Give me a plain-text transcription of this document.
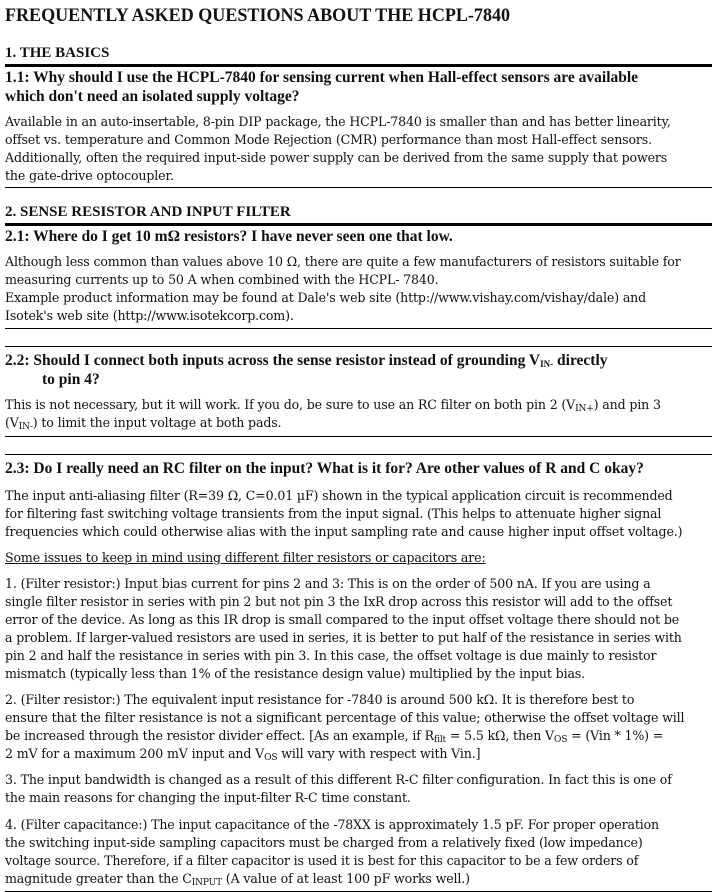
FREQUENTLY ASKED QUESTIONS ABOUT THE HCPL-7840
1. THE BASICS
1.1: Why should I use the HCPL-7840 for sensing current when Hall-effect sensors are available
which don't need an isolated supply voltage?
Available in an auto-insertable, 8-pin DIP package, the HCPL-7840 is smaller than and has better linearity,
offset vs. temperature and Common Mode Rejection (CMR) performance than most Hall-effect sensors.
Additionally, often the required input-side power supply can be derived from the same supply that powers
the gate-drive optocoupler.
2. SENSE RESISTOR AND INPUT FILTER
2.1: Where do I get 10 mΩ resistors? I have never seen one that low.
Although less common than values above 10 Ω, there are quite a few manufacturers of resistors suitable for
measuring currents up to 50 A when combined with the HCPL- 7840.
Example product information may be found at Dale's web site (http://www.vishay.com/vishay/dale) and
Isotek's web site (http://www.isotekcorp.com).
2.2: Should I connect both inputs across the sense resistor instead of grounding $V_{IN-}$ directly
to pin 4?
This is not necessary, but it will work. If you do, be sure to use an RC filter on both pin 2 $(V_{IN+})$ and pin 3
$(V_{IN-})$ to limit the input voltage at both pads.
2.3: Do I really need an RC filter on the input? What is it for? Are other values of R and C okay?
The input anti-aliasing filter (R=39 Ω, C=0.01 µF) shown in the typical application circuit is recommended
for filtering fast switching voltage transients from the input signal. (This helps to attenuate higher signal
frequencies which could otherwise alias with the input sampling rate and cause higher input offset voltage.)
Some issues to keep in mind using different filter resistors or capacitors are:
1. (Filter resistor:) Input bias current for pins 2 and 3: This is on the order of 500 nA. If you are using a
single filter resistor in series with pin 2 but not pin 3 the IxR drop across this resistor will add to the offset
error of the device. As long as this IR drop is small compared to the input offset voltage there should not be
a problem. If larger-valued resistors are used in series, it is better to put half of the resistance in series with
pin 2 and half the resistance in series with pin 3. In this case, the offset voltage is due mainly to resistor
mismatch (typically less than 1% of the resistance design value) multiplied by the input bias.
2. (Filter resistor:) The equivalent input resistance for -7840 is around 500 kΩ. It is therefore best to
ensure that the filter resistance is not a significant percentage of this value; otherwise the offset voltage will
be increased through the resistor divider effect. [As an example, if $R_{filt} = 5.5$ kΩ, then $V_{OS} = (Vin * 1\%)$ =
2 mV for a maximum 200 mV input and $V_{OS}$ will vary with respect with Vin.]
3. The input bandwidth is changed as a result of this different R-C filter configuration. In fact this is one of
the main reasons for changing the input-filter R-C time constant.
4. (Filter capacitance:) The input capacitance of the -78XX is approximately 1.5 pF. For proper operation
the switching input-side sampling capacitors must be charged from a relatively fixed (low impedance)
voltage source. Therefore, if a filter capacitor is used it is best for this capacitor to be a few orders of
magnitude greater than the $C_{INPUT}$ (A value of at least 100 pF works well.)
